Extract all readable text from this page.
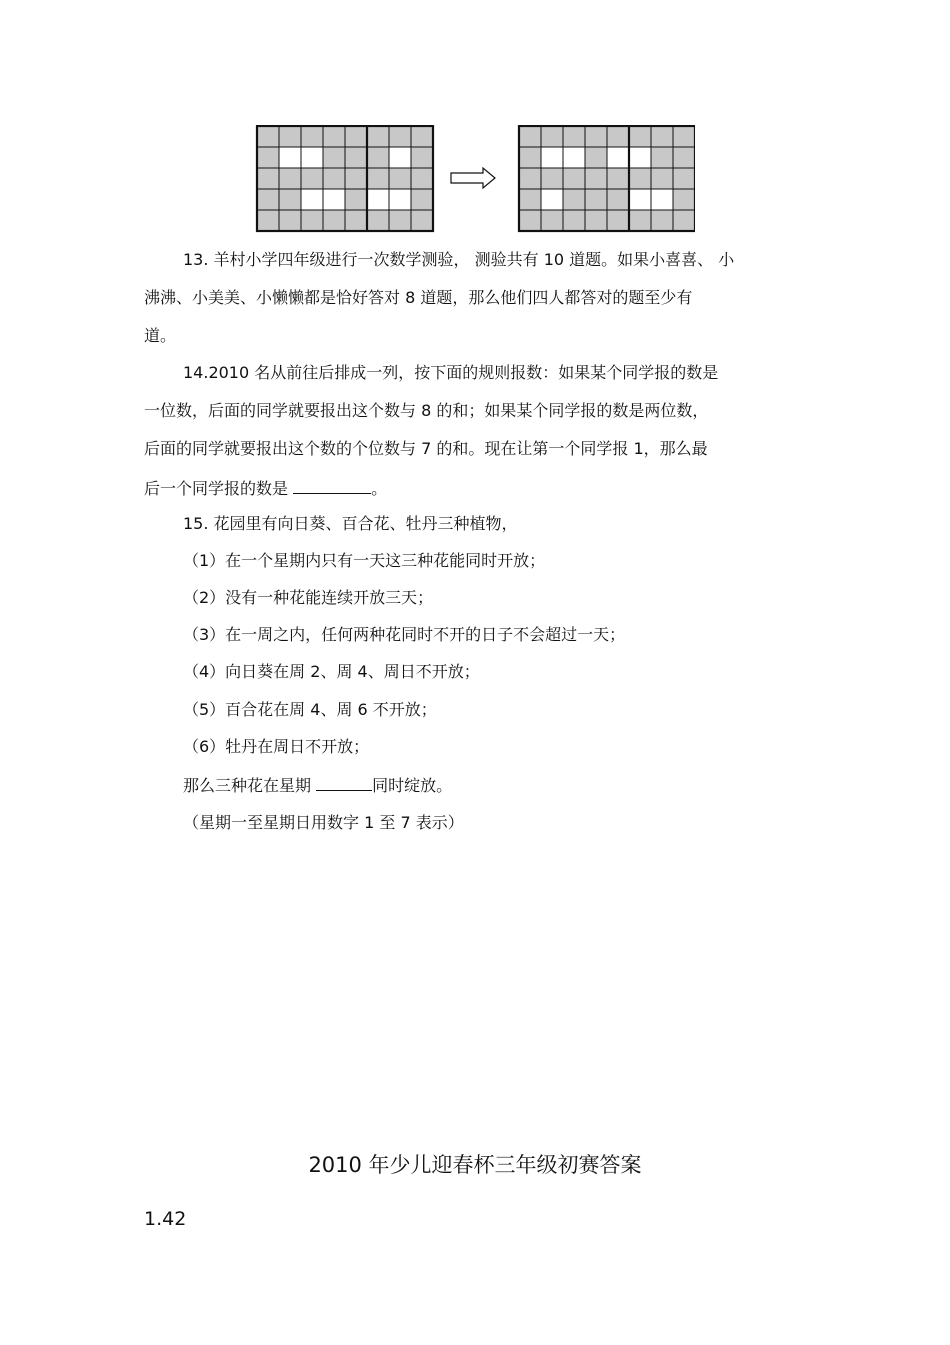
13. 羊村小学四年级进行一次数学测验， 测验共有 10 道题。如果小喜喜、 小
沸沸、小美美、小懒懒都是恰好答对 8 道题，那么他们四人都答对的题至少有
道。
14.2010 名从前往后排成一列，按下面的规则报数：如果某个同学报的数是
一位数，后面的同学就要报出这个数与 8 的和；如果某个同学报的数是两位数，
后面的同学就要报出这个数的个位数与 7 的和。现在让第一个同学报 1，那么最
后一个同学报的数是	。
15. 花园里有向日葵、百合花、牡丹三种植物，
（1）在一个星期内只有一天这三种花能同时开放；
（2）没有一种花能连续开放三天；
（3）在一周之内，任何两种花同时不开的日子不会超过一天；
（4）向日葵在周 2、周 4、周日不开放；
（5）百合花在周 4、周 6 不开放；
（6）牡丹在周日不开放；
那么三种花在星期	同时绽放。
（星期一至星期日用数字 1 至 7 表示）
2010 年少儿迎春杯三年级初赛答案
1.42
